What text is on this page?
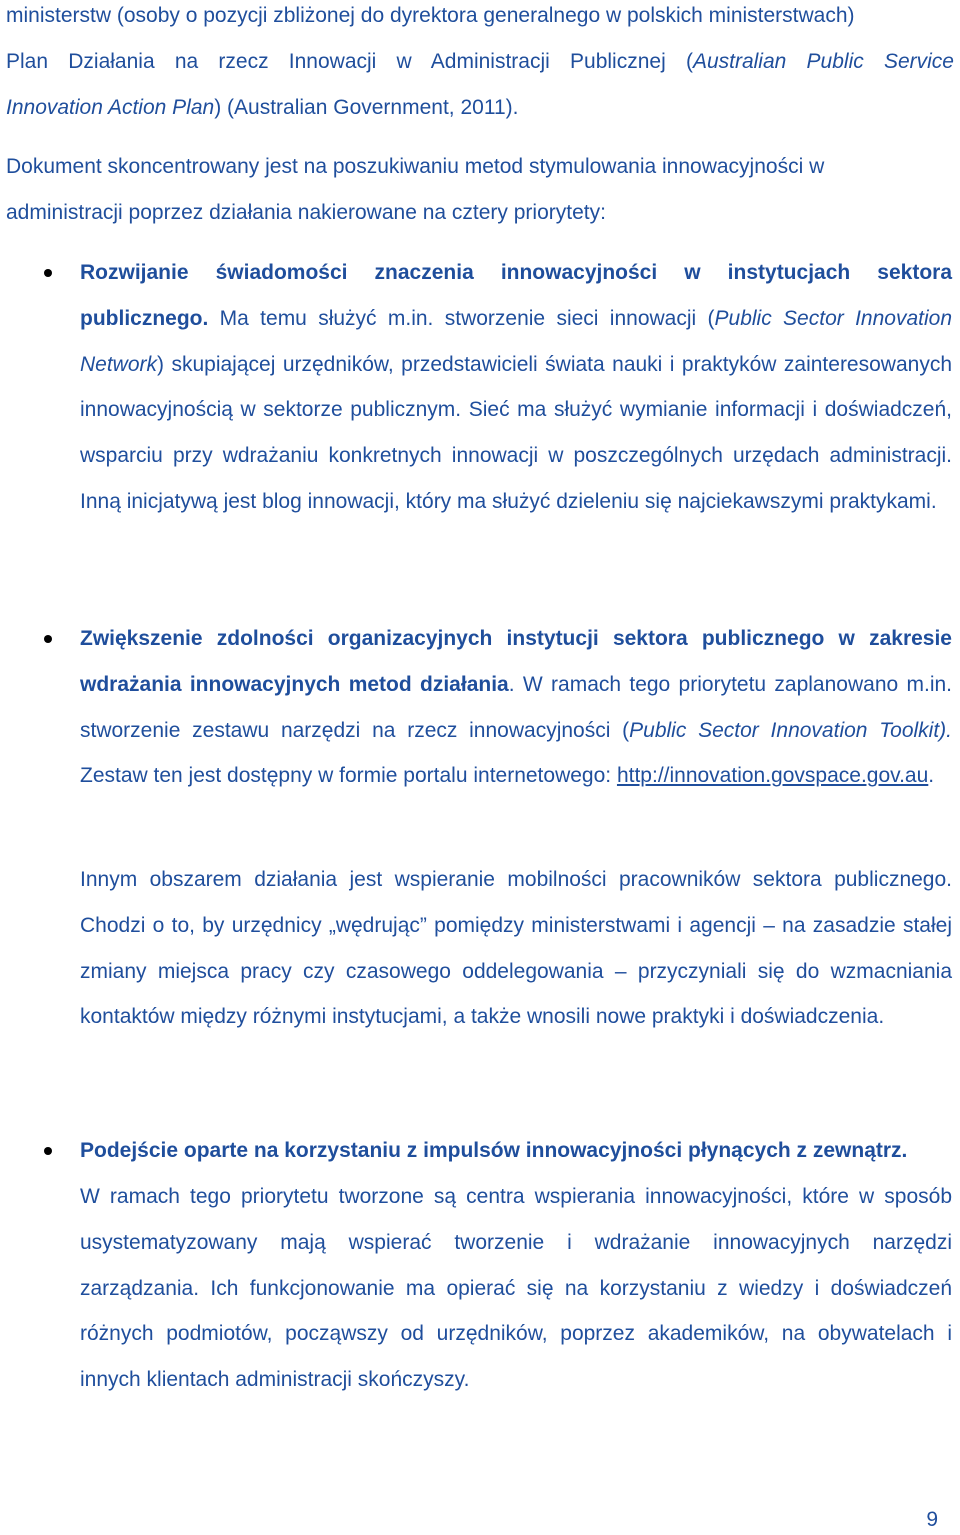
ministerstw (osoby o pozycji zbliżonej do dyrektora generalnego w polskich ministerstwach)
Plan Działania na rzecz Innowacji w Administracji Publicznej (Australian Public Service
Innovation Action Plan) (Australian Government, 2011).
Dokument skoncentrowany jest na poszukiwaniu metod stymulowania innowacyjności w
administracji poprzez działania nakierowane na cztery priorytety:
Rozwijanie świadomości znaczenia innowacyjności w instytucjach sektora publicznego. Ma temu służyć m.in. stworzenie sieci innowacji (Public Sector Innovation Network) skupiającej urzędników, przedstawicieli świata nauki i praktyków zainteresowanych innowacyjnością w sektorze publicznym. Sieć ma służyć wymianie informacji i doświadczeń, wsparciu przy wdrażaniu konkretnych innowacji w poszczególnych urzędach administracji. Inną inicjatywą jest blog innowacji, który ma służyć dzieleniu się najciekawszymi praktykami.
Zwiększenie zdolności organizacyjnych instytucji sektora publicznego w zakresie wdrażania innowacyjnych metod działania. W ramach tego priorytetu zaplanowano m.in. stworzenie zestawu narzędzi na rzecz innowacyjności (Public Sector Innovation Toolkit). Zestaw ten jest dostępny w formie portalu internetowego: http://innovation.govspace.gov.au.
Innym obszarem działania jest wspieranie mobilności pracowników sektora publicznego. Chodzi o to, by urzędnicy „wędrując” pomiędzy ministerstwami i agencji – na zasadzie stałej zmiany miejsca pracy czy czasowego oddelegowania – przyczyniali się do wzmacniania kontaktów między różnymi instytucjami, a także wnosili nowe praktyki i doświadczenia.
Podejście oparte na korzystaniu z impulsów innowacyjności płynących z zewnątrz.
W ramach tego priorytetu tworzone są centra wspierania innowacyjności, które w sposób usystematyzowany mają wspierać tworzenie i wdrażanie innowacyjnych narzędzi zarządzania. Ich funkcjonowanie ma opierać się na korzystaniu z wiedzy i doświadczeń różnych podmiotów, począwszy od urzędników, poprzez akademików, na obywatelach i innych klientach administracji skończyszy.
9
